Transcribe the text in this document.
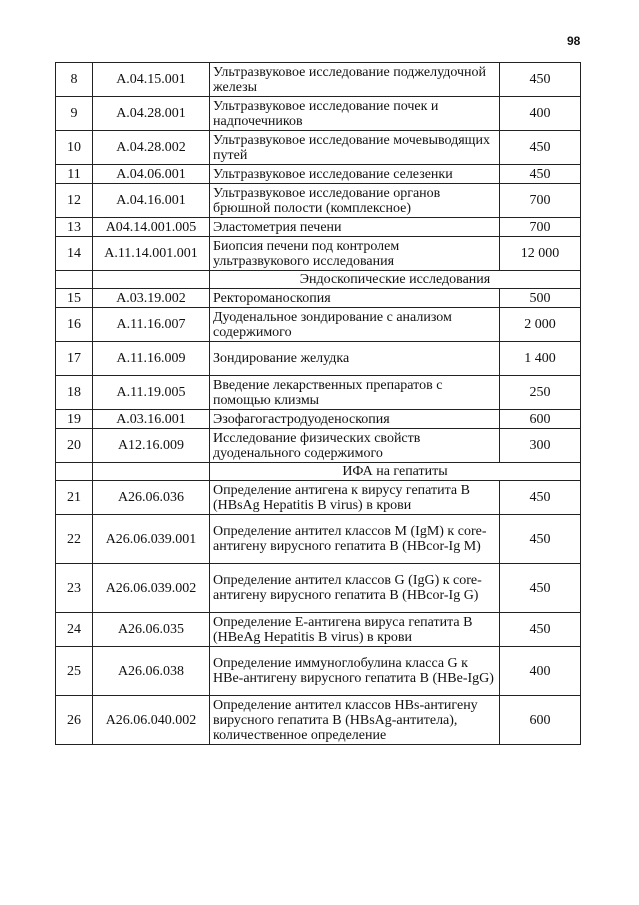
98
8	A.04.15.001	Ультразвуковое исследование поджелудочной железы	450
9	A.04.28.001	Ультразвуковое исследование почек и надпочечников	400
10	A.04.28.002	Ультразвуковое исследование мочевыводящих путей	450
11	A.04.06.001	Ультразвуковое исследование селезенки	450
12	A.04.16.001	Ультразвуковое исследование органов брюшной полости (комплексное)	700
13	A04.14.001.005	Эластометрия печени	700
14	A.11.14.001.001	Биопсия печени под контролем ультразвукового исследования	12 000
		Эндоскопические исследования	
15	A.03.19.002	Ректороманоскопия	500
16	A.11.16.007	Дуоденальное зондирование с анализом содержимого	2 000
17	A.11.16.009	Зондирование желудка	1 400
18	A.11.19.005	Введение лекарственных препаратов с помощью клизмы	250
19	A.03.16.001	Эзофагогастродуоденоскопия	600
20	A12.16.009	Исследование физических свойств дуоденального содержимого	300
		ИФА на гепатиты	
21	A26.06.036	Определение антигена к вирусу гепатита В (HBsAg Hepatitis B virus) в крови	450
22	A26.06.039.001	Определение антител классов M (IgM) к core-антигену вирусного гепатита В (HBcor-Ig M)	450
23	A26.06.039.002	Определение антител классов G (IgG) к core-антигену вирусного гепатита В (HBcor-Ig G)	450
24	A26.06.035	Определение Е-антигена вируса гепатита В (HBeAg Hepatitis B virus) в крови	450
25	A26.06.038	Определение иммуноглобулина класса G к HBe-антигену вирусного гепатита В (HBe-IgG)	400
26	A26.06.040.002	Определение антител классов HBs-антигену вирусного гепатита В (HBsAg-антитела), количественное определение	600
